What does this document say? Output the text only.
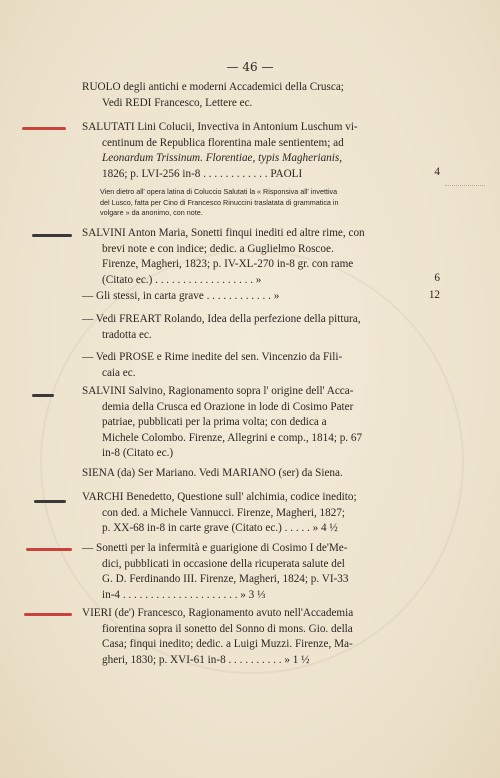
— 46 —
RUOLO degli antichi e moderni Accademici della Crusca;
Vedi REDI Francesco, Lettere ec.
SALUTATI Lini Colucii, Invectiva in Antonium Luschum vi-
centinum de Republica florentina male sentientem; ad
Leonardum Trissinum. Florentiae, typis Magherianis,
1826; p. LVI-256 in-8 . . . . . . . . . . . . PAOLI	4
Vien dietro all' opera latina di Coluccio Salutati la « Risponsiva all' invettiva
del Lusco, fatta per Cino di Francesco Rinuccini traslatata di grammatica in
volgare » da anonimo, con note.
SALVINI Anton Maria, Sonetti finqui inediti ed altre rime, con
brevi note e con indice; dedic. a Guglielmo Roscoe.
Firenze, Magheri, 1823; p. IV-XL-270 in-8 gr. con rame
(Citato ec.) . . . . . . . . . . . . . . . . . . »	6
— Gli stessi, in carta grave . . . . . . . . . . . . »	12
— Vedi FREART Rolando, Idea della perfezione della pittura,
tradotta ec.
— Vedi PROSE e Rime inedite del sen. Vincenzio da Fili-
caia ec.
SALVINI Salvino, Ragionamento sopra l' origine dell' Acca-
demia della Crusca ed Orazione in lode di Cosimo Pater
patriae, pubblicati per la prima volta; con dedica a
Michele Colombo. Firenze, Allegrini e comp., 1814; p. 67
in-8 (Citato ec.)
SIENA (da) Ser Mariano. Vedi MARIANO (ser) da Siena.
VARCHI Benedetto, Questione sull' alchimia, codice inedito;
con ded. a Michele Vannucci. Firenze, Magheri, 1827;
p. XX-68 in-8 in carte grave (Citato ec.) . . . . . » 4 ½
— Sonetti per la infermità e guarigione di Cosimo I de'Me-
dici, pubblicati in occasione della ricuperata salute del
G. D. Ferdinando III. Firenze, Magheri, 1824; p. VI-33
in-4 . . . . . . . . . . . . . . . . . . . . . » 3 ⅓
VIERI (de') Francesco, Ragionamento avuto nell'Accademia
fiorentina sopra il sonetto del Sonno di mons. Gio. della
Casa; finqui inedito; dedic. a Luigi Muzzi. Firenze, Ma-
gheri, 1830; p. XVI-61 in-8 . . . . . . . . . . » 1 ½
